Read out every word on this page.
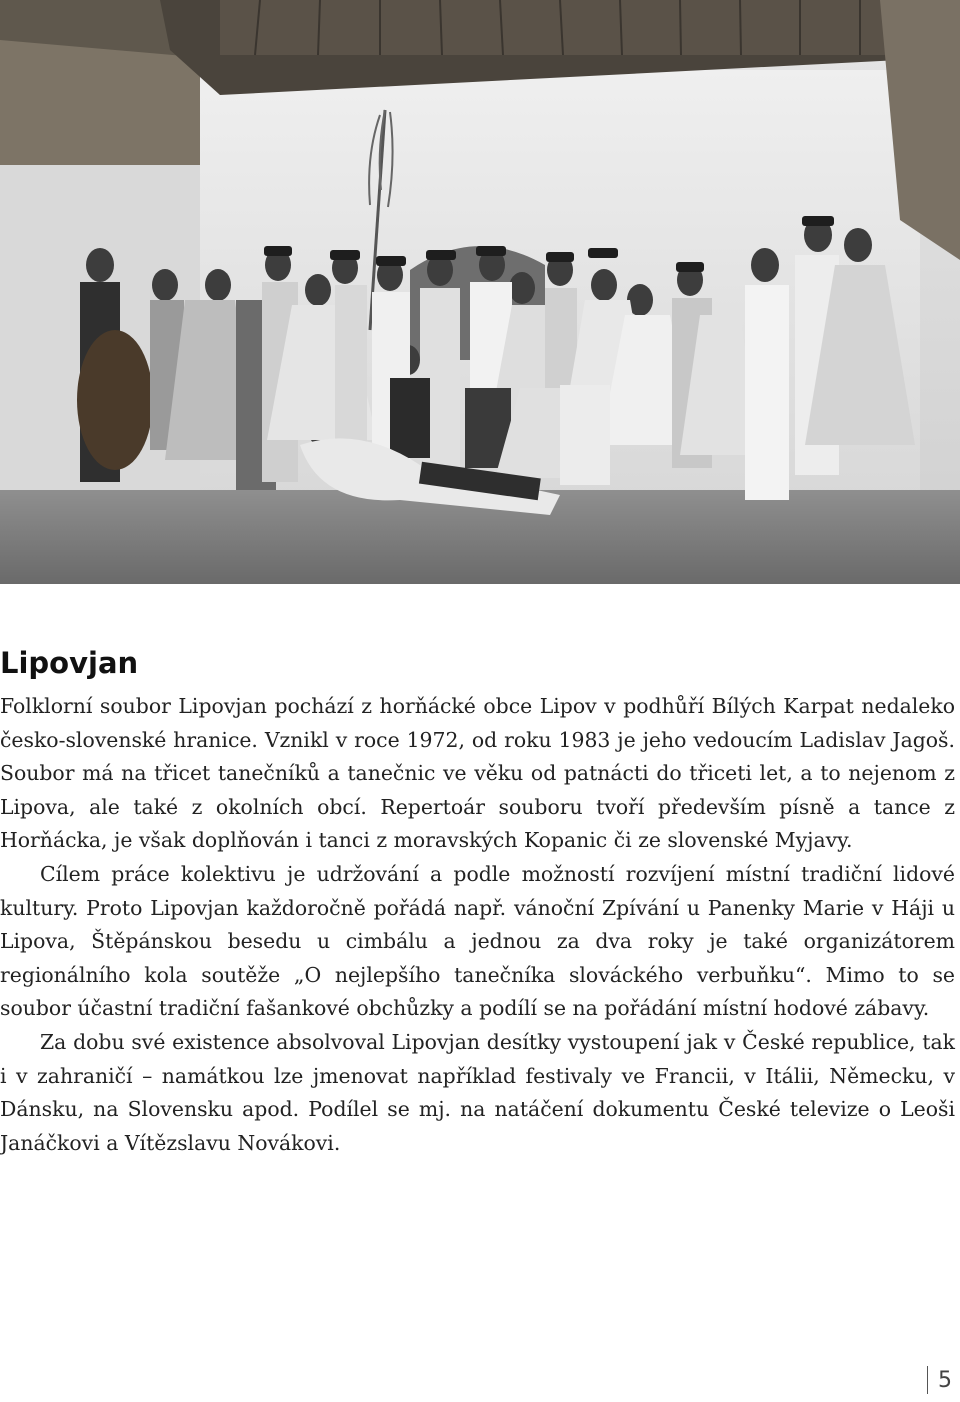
Lipovjan

Folklorní soubor Lipovjan pochází z horňácké obce Lipov v podhůří Bílých Karpat nedaleko česko-slovenské hranice. Vznikl v roce 1972, od roku 1983 je jeho vedoucím Ladislav Jagoš. Soubor má na třicet tanečníků a tanečnic ve věku od patnácti do třiceti let, a to nejenom z Lipova, ale také z okolních obcí. Repertoár souboru tvoří především písně a tance z Horňácka, je však doplňován i tanci z moravských Kopanic či ze slovenské Myjavy.

Cílem práce kolektivu je udržování a podle možností rozvíjení místní tradiční lidové kultury. Proto Lipovjan každoročně pořádá např. vánoční Zpívání u Panenky Marie v Háji u Lipova, Štěpánskou besedu u cimbálu a jednou za dva roky je také organizátorem regionálního kola soutěže „O nejlepšího tanečníka slováckého verbuňku“. Mimo to se soubor účastní tradiční fašankové obchůzky a podílí se na pořádání místní hodové zábavy.

Za dobu své existence absolvoval Lipovjan desítky vystoupení jak v České republice, tak i v zahraničí – namátkou lze jmenovat například festivaly ve Francii, v Itálii, Německu, v Dánsku, na Slovensku apod. Podílel se mj. na natáčení dokumentu České televize o Leoši Janáčkovi a Vítězslavu Novákovi.

5
